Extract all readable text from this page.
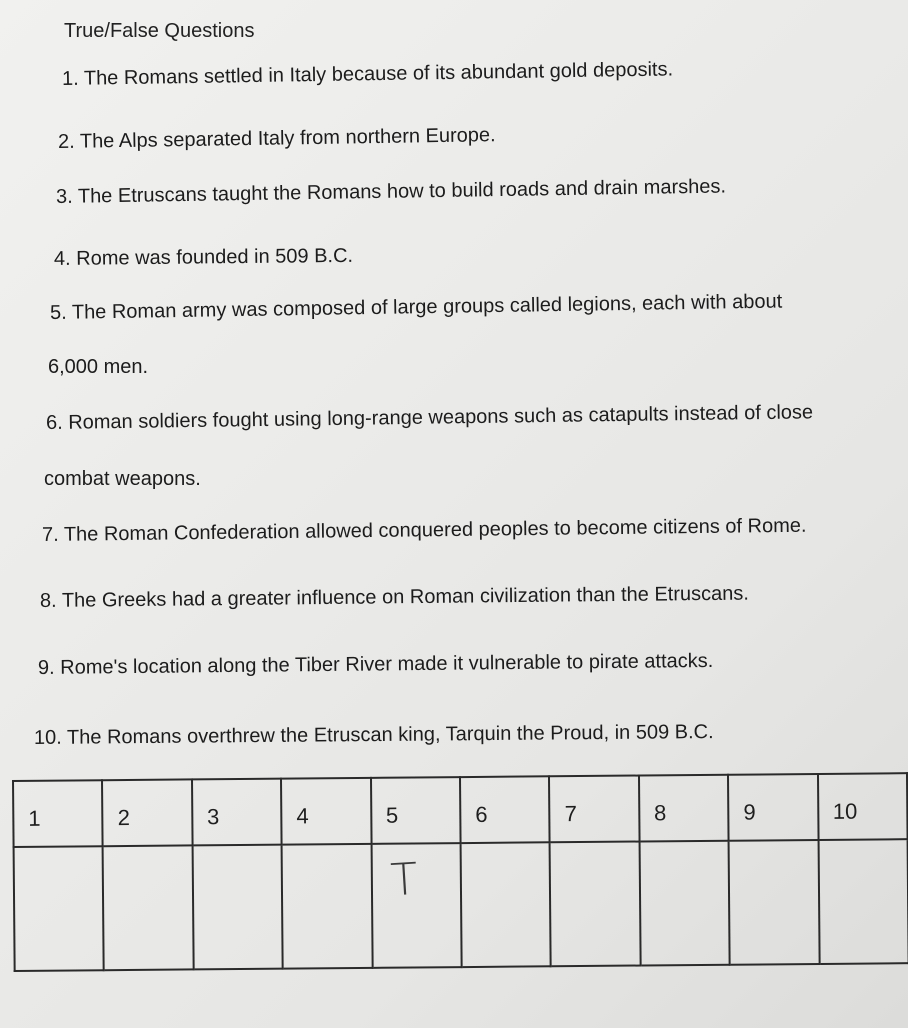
True/False Questions
1. The Romans settled in Italy because of its abundant gold deposits.
2. The Alps separated Italy from northern Europe.
3. The Etruscans taught the Romans how to build roads and drain marshes.
4. Rome was founded in 509 B.C.
5. The Roman army was composed of large groups called legions, each with about
6,000 men.
6. Roman soldiers fought using long-range weapons such as catapults instead of close
combat weapons.
7. The Roman Confederation allowed conquered peoples to become citizens of Rome.
8. The Greeks had a greater influence on Roman civilization than the Etruscans.
9. Rome's location along the Tiber River made it vulnerable to pirate attacks.
10. The Romans overthrew the Etruscan king, Tarquin the Proud, in 509 B.C.
1	2	3	4	5	6	7	8	9	10

				T					
